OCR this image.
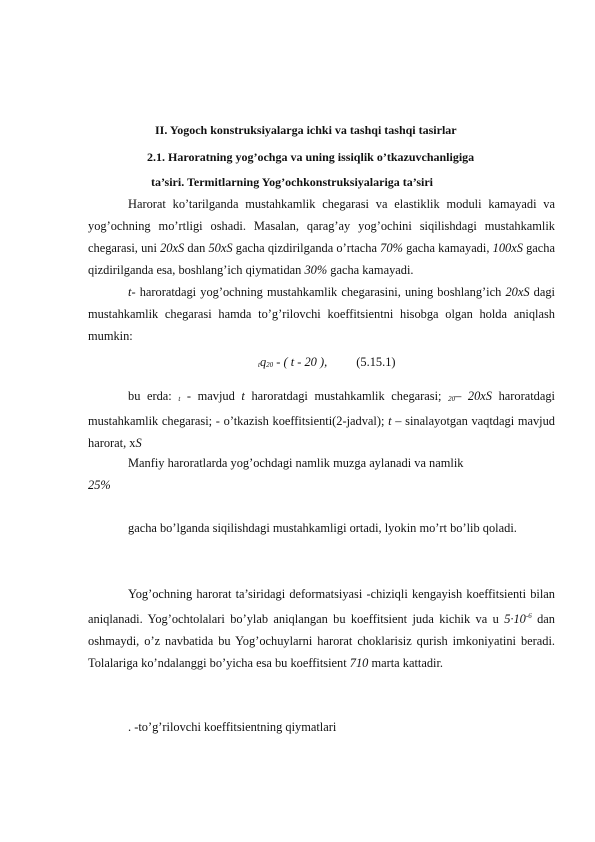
II. Yogoch konstruksiyalarga ichki va tashqi tashqi tasirlar
2.1. Haroratning yog’ochga va uning issiqlik o’tkazuvchanligiga
ta’siri. Termitlarning Yog’ochkonstruksiyalariga ta’siri
Harorat ko’tarilganda mustahkamlik chegarasi va elastiklik moduli kamayadi va yog’ochning mo’rtligi oshadi. Masalan, qarag’ay yog’ochini siqilishdagi mustahkamlik chegarasi, uni 20xS dan 50xS gacha qizdirilganda o’rtacha 70% gacha kamayadi, 100xS gacha qizdirilganda esa, boshlang’ich qiymatidan 30% gacha kamayadi.
t- haroratdagi yog’ochning mustahkamlik chegarasini, uning boshlang’ich 20xS dagi mustahkamlik chegarasi hamda to’g’rilovchi koeffitsientni hisobga olgan holda aniqlash mumkin:
tq20 - ( t - 20 ), (5.15.1)
bu erda: t - mavjud t haroratdagi mustahkamlik chegarasi; 20– 20xS haroratdagi mustahkamlik chegarasi; - o’tkazish koeffitsienti(2-jadval); t – sinalayotgan vaqtdagi mavjud harorat, xS
Manfiy haroratlarda yog’ochdagi namlik muzga aylanadi va namlik
25%
gacha bo’lganda siqilishdagi mustahkamligi ortadi, lyokin mo’rt bo’lib qoladi.
Yog’ochning harorat ta’siridagi deformatsiyasi -chiziqli kengayish koeffitsienti bilan aniqlanadi. Yog’ochtolalari bo’ylab aniqlangan bu koeffitsient juda kichik va u $5\cdot 10^{-6}$ dan oshmaydi, o’z navbatida bu Yog’ochuylarni harorat choklarisiz qurish imkoniyatini beradi. Tolalariga ko’ndalanggi bo’yicha esa bu koeffitsient 710 marta kattadir.
. -to’g’rilovchi koeffitsientning qiymatlari
